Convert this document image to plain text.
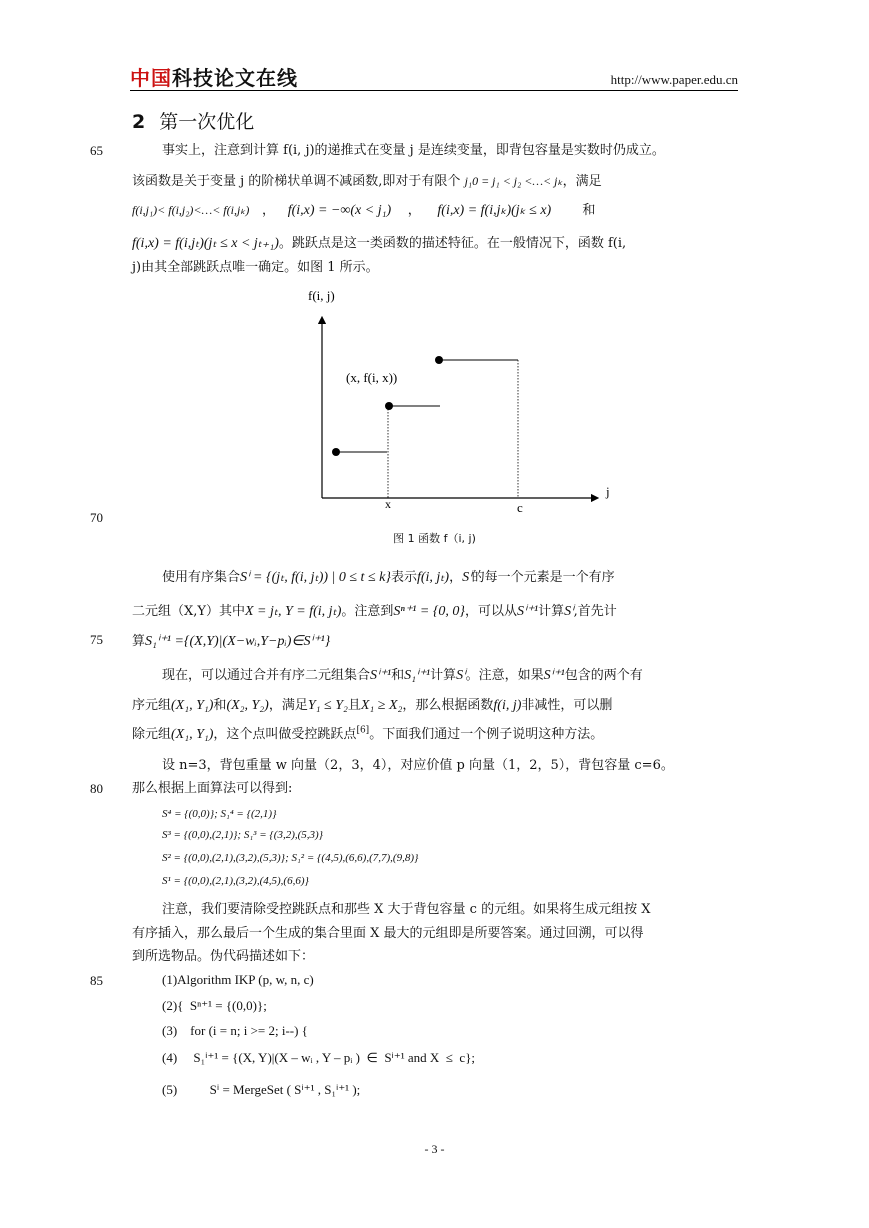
中国科技论文在线	http://www.paper.edu.cn
2 第一次优化
65
70
75
80
85
事实上，注意到计算 f(i, j)的递推式在变量 j 是连续变量，即背包容量是实数时仍成立。
该函数是关于变量 j 的阶梯状单调不减函数,即对于有限个 j₁0 = j₁ < j₂ <…< jₖ，满足
f(i,j₁)< f(i,j₂)<…< f(i,jₖ) ， f(i,x) = −∞(x < j₁) ， f(i,x) = f(i,jₖ)(jₖ ≤ x) 和
f(i,x) = f(i,jₜ)(jₜ ≤ x < jₜ₊₁)。跳跃点是这一类函数的描述特征。在一般情况下，函数 f(i,
j)由其全部跳跃点唯一确定。如图 1 所示。
f(i, j)
(x, f(i, x))
j
x	c
图 1 函数 f（i, j)
使用有序集合Sⁱ = {(jₜ, f(i, jₜ)) | 0 ≤ t ≤ k}表示f(i, jₜ)，Sⁱ的每一个元素是一个有序
二元组（X,Y）其中X = jₜ, Y = f(i, jₜ)。注意到Sⁿ⁺¹ = {0, 0}，可以从Sⁱ⁺¹计算Sⁱ,首先计
算S₁ⁱ⁺¹ ={(X,Y)|(X−wᵢ,Y−pᵢ)∈Sⁱ⁺¹}
现在，可以通过合并有序二元组集合Sⁱ⁺¹和S₁ⁱ⁺¹计算Sⁱ。注意，如果Sⁱ⁺¹包含的两个有
序元组(X₁, Y₁)和(X₂, Y₂)，满足Y₁ ≤ Y₂且X₁ ≥ X₂，那么根据函数f(i, j)非减性，可以删
除元组(X₁, Y₁)，这个点叫做受控跳跃点[6]。下面我们通过一个例子说明这种方法。
设 n=3，背包重量 w 向量（2，3，4），对应价值 p 向量（1，2，5），背包容量 c=6。
那么根据上面算法可以得到:
S⁴ = {(0,0)}; S₁⁴ = {(2,1)}
S³ = {(0,0),(2,1)}; S₁³ = {(3,2),(5,3)}
S² = {(0,0),(2,1),(3,2),(5,3)}; S₁² = {(4,5),(6,6),(7,7),(9,8)}
S¹ = {(0,0),(2,1),(3,2),(4,5),(6,6)}
注意，我们要清除受控跳跃点和那些 X 大于背包容量 c 的元组。如果将生成元组按 X
有序插入，那么最后一个生成的集合里面 X 最大的元组即是所要答案。通过回溯，可以得
到所选物品。伪代码描述如下：
(1)Algorithm IKP (p, w, n, c)
(2){  Sⁿ⁺¹ = {(0,0)};
(3)    for (i = n; i >= 2; i--) {
(4)     S₁ⁱ⁺¹ = {(X, Y)|(X – wᵢ , Y – pᵢ )  ∈  Sⁱ⁺¹ and X  ≤  c};
(5)          Sⁱ = MergeSet ( Sⁱ⁺¹ , S₁ⁱ⁺¹ );
- 3 -
